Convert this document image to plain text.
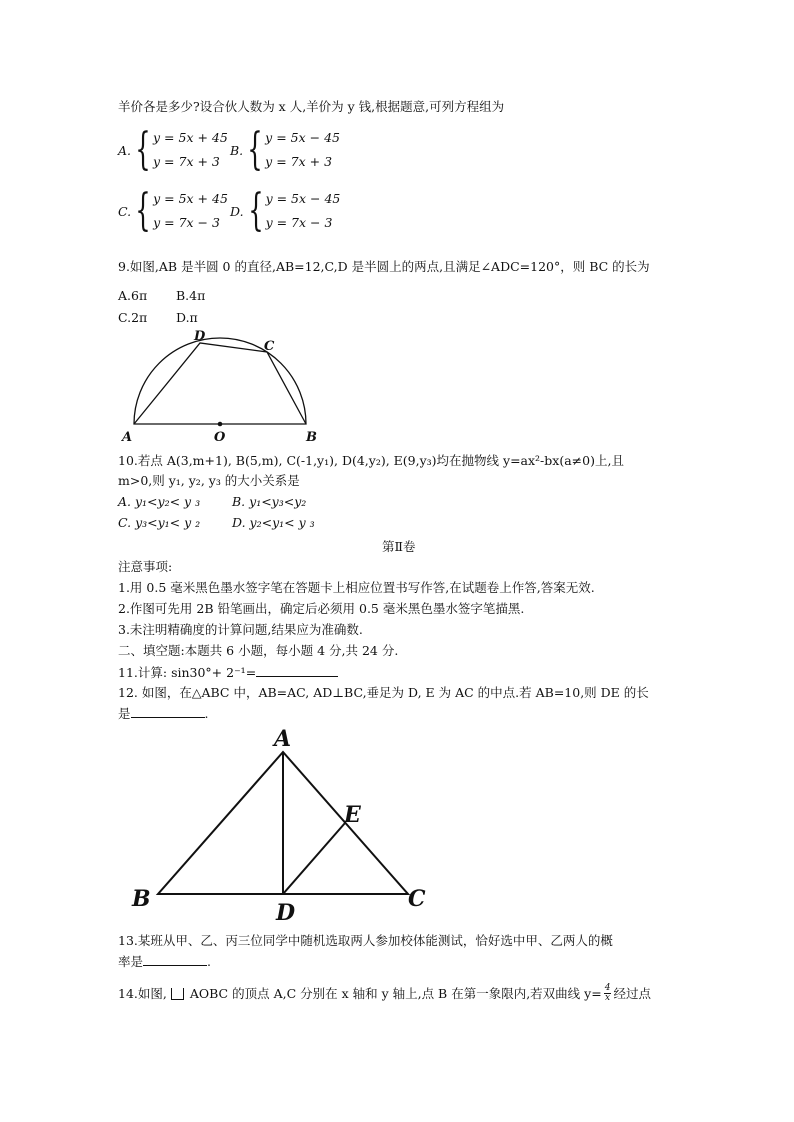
羊价各是多少?设合伙人数为 x 人,羊价为 y 钱,根据题意,可列方程组为
A. { y = 5x + 45
y = 7x + 3
B. { y = 5x − 45
y = 7x + 3
C. { y = 5x + 45
y = 7x − 3
D. { y = 5x − 45
y = 7x − 3
9.如图,AB 是半圆 0 的直径,AB=12,C,D 是半圆上的两点,且满足∠ADC=120°，则 BC 的长为
A.6π B.4π
C.2π D.π
A	O	B
D
C
10.若点 A(3,m+1), B(5,m), C(-1,y₁), D(4,y₂), E(9,y₃)均在抛物线 y=ax²-bx(a≠0)上,且
m>0,则 y₁, y₂, y₃ 的大小关系是
A. y₁<y₂< y ₃	B. y₁<y₃<y₂
C. y₃<y₁< y ₂	D. y₂<y₁< y ₃
第Ⅱ卷
注意事项:
1.用 0.5 毫米黑色墨水签字笔在答题卡上相应位置书写作答,在试题卷上作答,答案无效.
2.作图可先用 2B 铅笔画出，确定后必须用 0.5 毫米黑色墨水签字笔描黑.
3.未注明精确度的计算问题,结果应为准确数.
二、填空题:本题共 6 小题，每小题 4 分,共 24 分.
11.计算: sin30°+ 2⁻¹=
12. 如图，在△ABC 中，AB=AC, AD⊥BC,垂足为 D, E 为 AC 的中点.若 AB=10,则 DE 的长
是	.
A
B	C
D
E
13.某班从甲、乙、丙三位同学中随机选取两人参加校体能测试，恰好选中甲、乙两人的概
率是	.
14.如图, AOBC 的顶点 A,C 分别在 x 轴和 y 轴上,点 B 在第一象限内,若双曲线 $y= \frac{4}{x}$ 经过点
